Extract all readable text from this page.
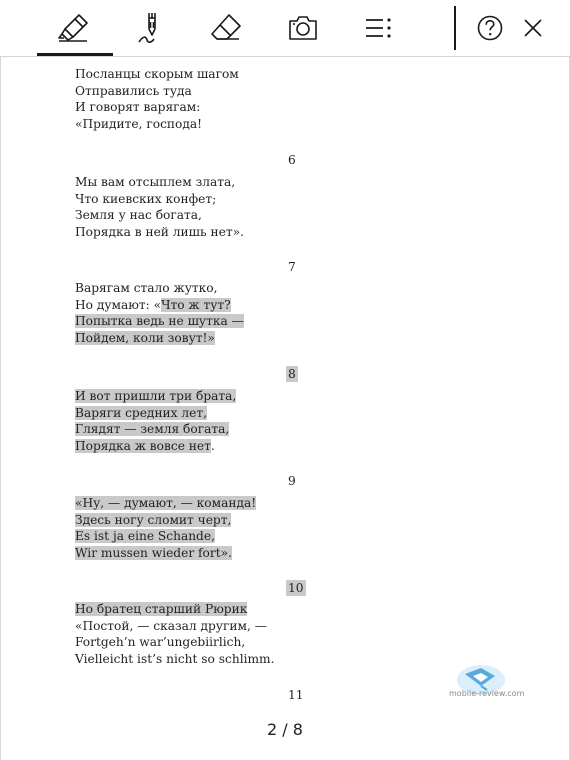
Посланцы скорым шагом
Отправились туда
И говорят варягам:
«Придите, господа!
6
Мы вам отсыплем злата,
Что киевских конфет;
Земля у нас богата,
Порядка в ней лишь нет».
7
Варягам стало жутко,
Но думают: «Что ж тут?
Попытка ведь не шутка —
Пойдем, коли зовут!»
8
И вот пришли три брата,
Варяги средних лет,
Глядят — земля богата,
Порядка ж вовсе нет.
9
«Ну, — думают, — команда!
Здесь ногу сломит черт,
Es ist ja eine Schande,
Wir mussen wieder fort».
10
Но братец старший Рюрик
«Постой, — сказал другим, —
Fortgeh’n war’ungebiirlich,
Vielleicht ist’s nicht so schlimm.
11	mobile-review.com
2 / 8
